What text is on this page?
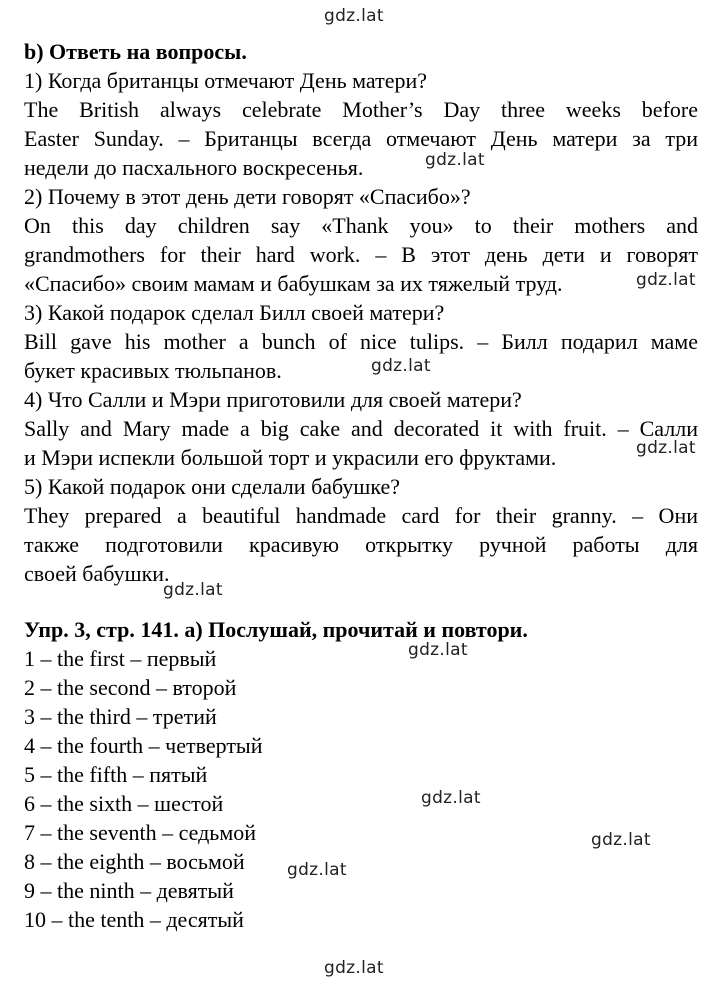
b) Ответь на вопросы.
1) Когда британцы отмечают День матери?
The British always celebrate Mother’s Day three weeks before
Easter Sunday. – Британцы всегда отмечают День матери за три
недели до пасхального воскресенья.
2) Почему в этот день дети говорят «Спасибо»?
On this day children say «Thank you» to their mothers and
grandmothers for their hard work. – В этот день дети и говорят
«Спасибо» своим мамам и бабушкам за их тяжелый труд.
3) Какой подарок сделал Билл своей матери?
Bill gave his mother a bunch of nice tulips. – Билл подарил маме
букет красивых тюльпанов.
4) Что Салли и Мэри приготовили для своей матери?
Sally and Mary made a big cake and decorated it with fruit. – Салли
и Мэри испекли большой торт и украсили его фруктами.
5) Какой подарок они сделали бабушке?
They prepared a beautiful handmade card for their granny. – Они
также подготовили красивую открытку ручной работы для
своей бабушки.
Упр. 3, стр. 141. а) Послушай, прочитай и повтори.
1 – the first – первый
2 – the second – второй
3 – the third – третий
4 – the fourth – четвертый
5 – the fifth – пятый
6 – the sixth – шестой
7 – the seventh – седьмой
8 – the eighth – восьмой
9 – the ninth – девятый
10 – the tenth – десятый
gdz.lat
gdz.lat
gdz.lat
gdz.lat
gdz.lat
gdz.lat
gdz.lat
gdz.lat
gdz.lat
gdz.lat
gdz.lat
